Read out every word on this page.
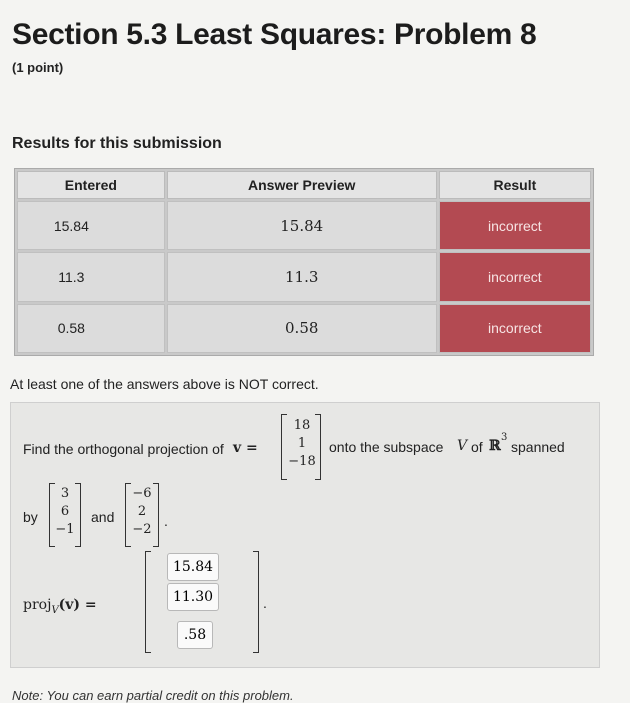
Section 5.3 Least Squares: Problem 8
(1 point)
Results for this submission
Entered	Answer Preview	Result
15.84	15.84	incorrect
11.3	11.3	incorrect
0.58	0.58	incorrect
At least one of the answers above is NOT correct.
Find the orthogonal projection of v =
18
1
−18
onto the subspace V of ℝ
3
spanned
by
3
6
−1
and
−6
2
−2
.
proj$_V$(v) =
15.84
11.30
.58	.
Note: You can earn partial credit on this problem.
